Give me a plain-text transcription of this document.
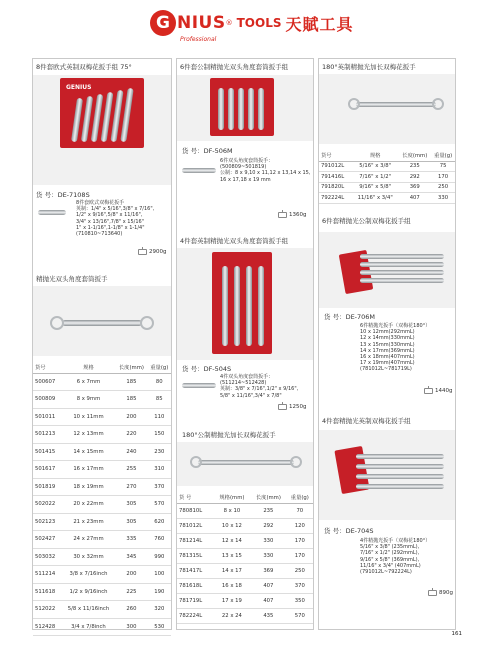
G NIUS ® TOOLS 天賦工具
Professional
8件套欧式英制双梅花扳手组 75°
GENIUS
货 号：DE-7108S
8件套欧式双梅花扳手
英制：1/4" x 5/16",3/8" x 7/16",
1/2" x 9/16",5/8" x 11/16",
3/4" x 13/16",7/8" x 15/16"
1" x 1-1/16",1-1/8" x 1-1/4"
(710810~713640)
2900g
精抛光双头角度套筒扳手
货号	规格	长度(mm)	重量(g)
500607	6 x 7mm	185	80
500809	8 x 9mm	185	85
501011	10 x 11mm	200	110
501213	12 x 13mm	220	150
501415	14 x 15mm	240	230
501617	16 x 17mm	255	310
501819	18 x 19mm	270	370
502022	20 x 22mm	305	570
502123	21 x 23mm	305	620
502427	24 x 27mm	335	760
503032	30 x 32mm	345	990
511214	3/8 x 7/16inch	200	100
511618	1/2 x 9/16inch	225	190
512022	5/8 x 11/16inch	260	320
512428	3/4 x 7/8inch	300	530
6件套公制精抛光双头角度套筒扳手组
货 号：DF-506M
6件双头角度套筒扳手：
(500809~501819)
公制：8 x 9,10 x 11,12 x 13,14 x 15,
16 x 17,18 x 19 mm
1360g
4件套英制精抛光双头角度套筒扳手组
货 号：DF-504S
4件双头角度套筒扳手：
(511214~512428)
英制：3/8" x 7/16",1/2" x 9/16",
5/8" x 11/16",3/4" x 7/8"
1250g
180°公制精抛光加长双梅花扳手
货 号	规格(mm)	长度(mm)	重量(g)
780810L	8 x 10	235	70
781012L	10 x 12	292	120
781214L	12 x 14	330	170
781315L	13 x 15	330	170
781417L	14 x 17	369	250
781618L	16 x 18	407	370
781719L	17 x 19	407	350
782224L	22 x 24	435	570
180°英制精抛光加长双梅花扳手
货号	规格	长度(mm)	重量(g)
791012L	5/16" x 3/8"	235	75
791416L	7/16" x 1/2"	292	170
791820L	9/16" x 5/8"	369	250
792224L	11/16" x 3/4"	407	330
6件套精抛光公制双梅花扳手组
货 号：DE-706M
6件精抛光扳手（双梅花180°）
10 x 12mm(292mmL)
12 x 14mm(330mmL)
13 x 15mm(330mmL)
14 x 17mm(369mmL)
16 x 18mm(407mmL)
17 x 19mm(407mmL)
(781012L~781719L)
1440g
4件套精抛光英制双梅花扳手组
货 号：DE-704S
4件精抛光扳手（双梅花180°）
5/16" x 3/8" (235mmL),
7/16" x 1/2" (292mmL),
9/16" x 5/8" (369mmL),
11/16" x 3/4" (407mmL)
(791012L~792224L)
890g
161
